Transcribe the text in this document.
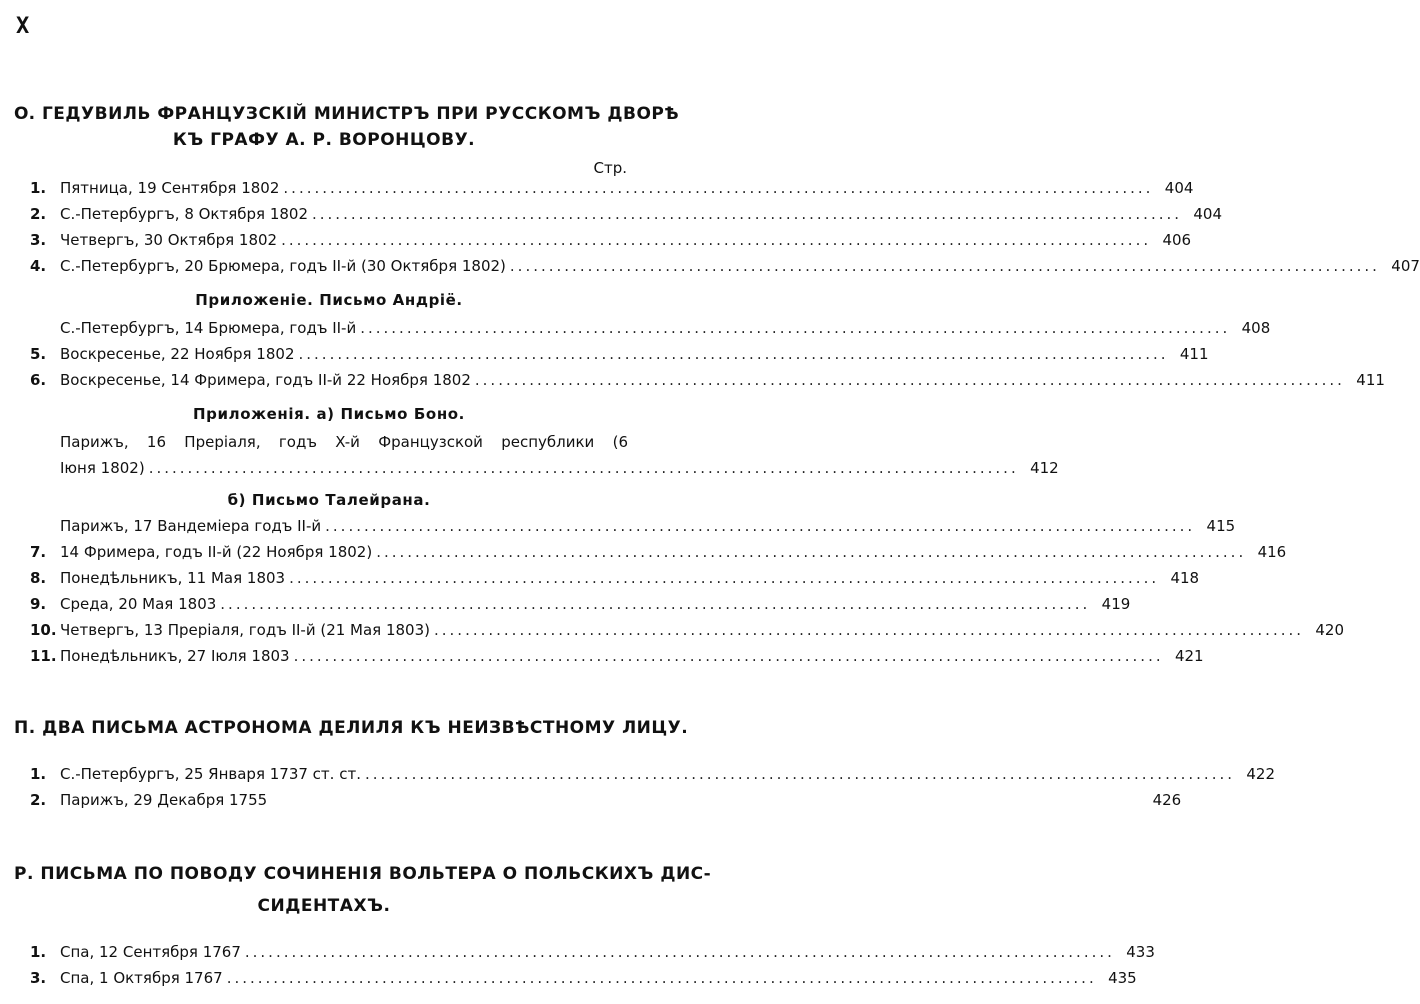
X
O. ГЕДУВИЛЬ ФРАНЦУЗСКІЙ МИНИСТРЪ ПРИ РУССКОМЪ ДВОРѢ
КЪ ГРАФУ А. Р. ВОРОНЦОВУ.
Стр.
1. Пятница, 19 Сентября 1802 .....	404
2. С.-Петербургъ, 8 Октября 1802 .....	404
3. Четвергъ, 30 Октября 1802 .....	406
4. С.-Петербургъ, 20 Брюмера, годъ II-й (30 Октября 1802) .....	407
Приложеніе. Письмо Андріё.
С.-Петербургъ, 14 Брюмера, годъ II-й .....	408
5. Воскресенье, 22 Ноября 1802 .....	411
6. Воскресенье, 14 Фримера, годъ II-й 22 Ноября 1802 .....	411
Приложенія. а) Письмо Боно.
Парижъ, 16 Преріаля, годъ X-й Французской республики (6
Іюня 1802) .....	412
б) Письмо Талейрана.
Парижъ, 17 Вандеміера годъ II-й .....	415
7. 14 Фримера, годъ II-й (22 Ноября 1802) .....	416
8. Понедѣльникъ, 11 Мая 1803 .....	418
9. Среда, 20 Мая 1803 .....	419
10. Четвергъ, 13 Преріаля, годъ II-й (21 Мая 1803) .....	420
11. Понедѣльникъ, 27 Іюля 1803 .....	421
П. ДВА ПИСЬМА АСТРОНОМА ДЕЛИЛЯ КЪ НЕИЗВѢСТНОМУ ЛИЦУ.
1. С.-Петербургъ, 25 Января 1737 ст. ст. .....	422
2. Парижъ, 29 Декабря 1755	426
Р. ПИСЬМА ПО ПОВОДУ СОЧИНЕНІЯ ВОЛЬТЕРА О ПОЛЬСКИХЪ ДИС-
СИДЕНТАХЪ.
1. Спа, 12 Сентября 1767 .....	433
3. Спа, 1 Октября 1767 .....	435
